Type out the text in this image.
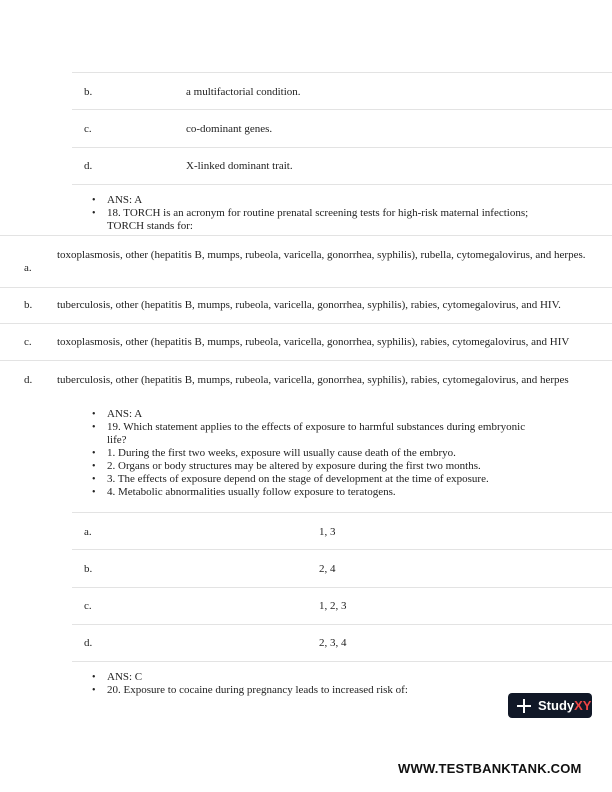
b.	a multifactorial condition.
c.	co-dominant genes.
d.	X-linked dominant trait.
• ANS: A
• 18. TORCH is an acronym for routine prenatal screening tests for high-risk maternal infections; TORCH stands for:
a.
toxoplasmosis, other (hepatitis B, mumps, rubeola, varicella, gonorrhea, syphilis), rubella, cytomegalovirus, and herpes.
b. tuberculosis, other (hepatitis B, mumps, rubeola, varicella, gonorrhea, syphilis), rabies, cytomegalovirus, and HIV.
c. toxoplasmosis, other (hepatitis B, mumps, rubeola, varicella, gonorrhea, syphilis), rabies, cytomegalovirus, and HIV
d. tuberculosis, other (hepatitis B, mumps, rubeola, varicella, gonorrhea, syphilis), rabies, cytomegalovirus, and herpes
• ANS: A
• 19. Which statement applies to the effects of exposure to harmful substances during embryonic life?
• 1. During the first two weeks, exposure will usually cause death of the embryo.
• 2. Organs or body structures may be altered by exposure during the first two months.
• 3. The effects of exposure depend on the stage of development at the time of exposure.
• 4. Metabolic abnormalities usually follow exposure to teratogens.
a.	1, 3
b.	2, 4
c.	1, 2, 3
d.	2, 3, 4
• ANS: C
• 20. Exposure to cocaine during pregnancy leads to increased risk of:
Study XY
WWW.TESTBANKTANK.COM
